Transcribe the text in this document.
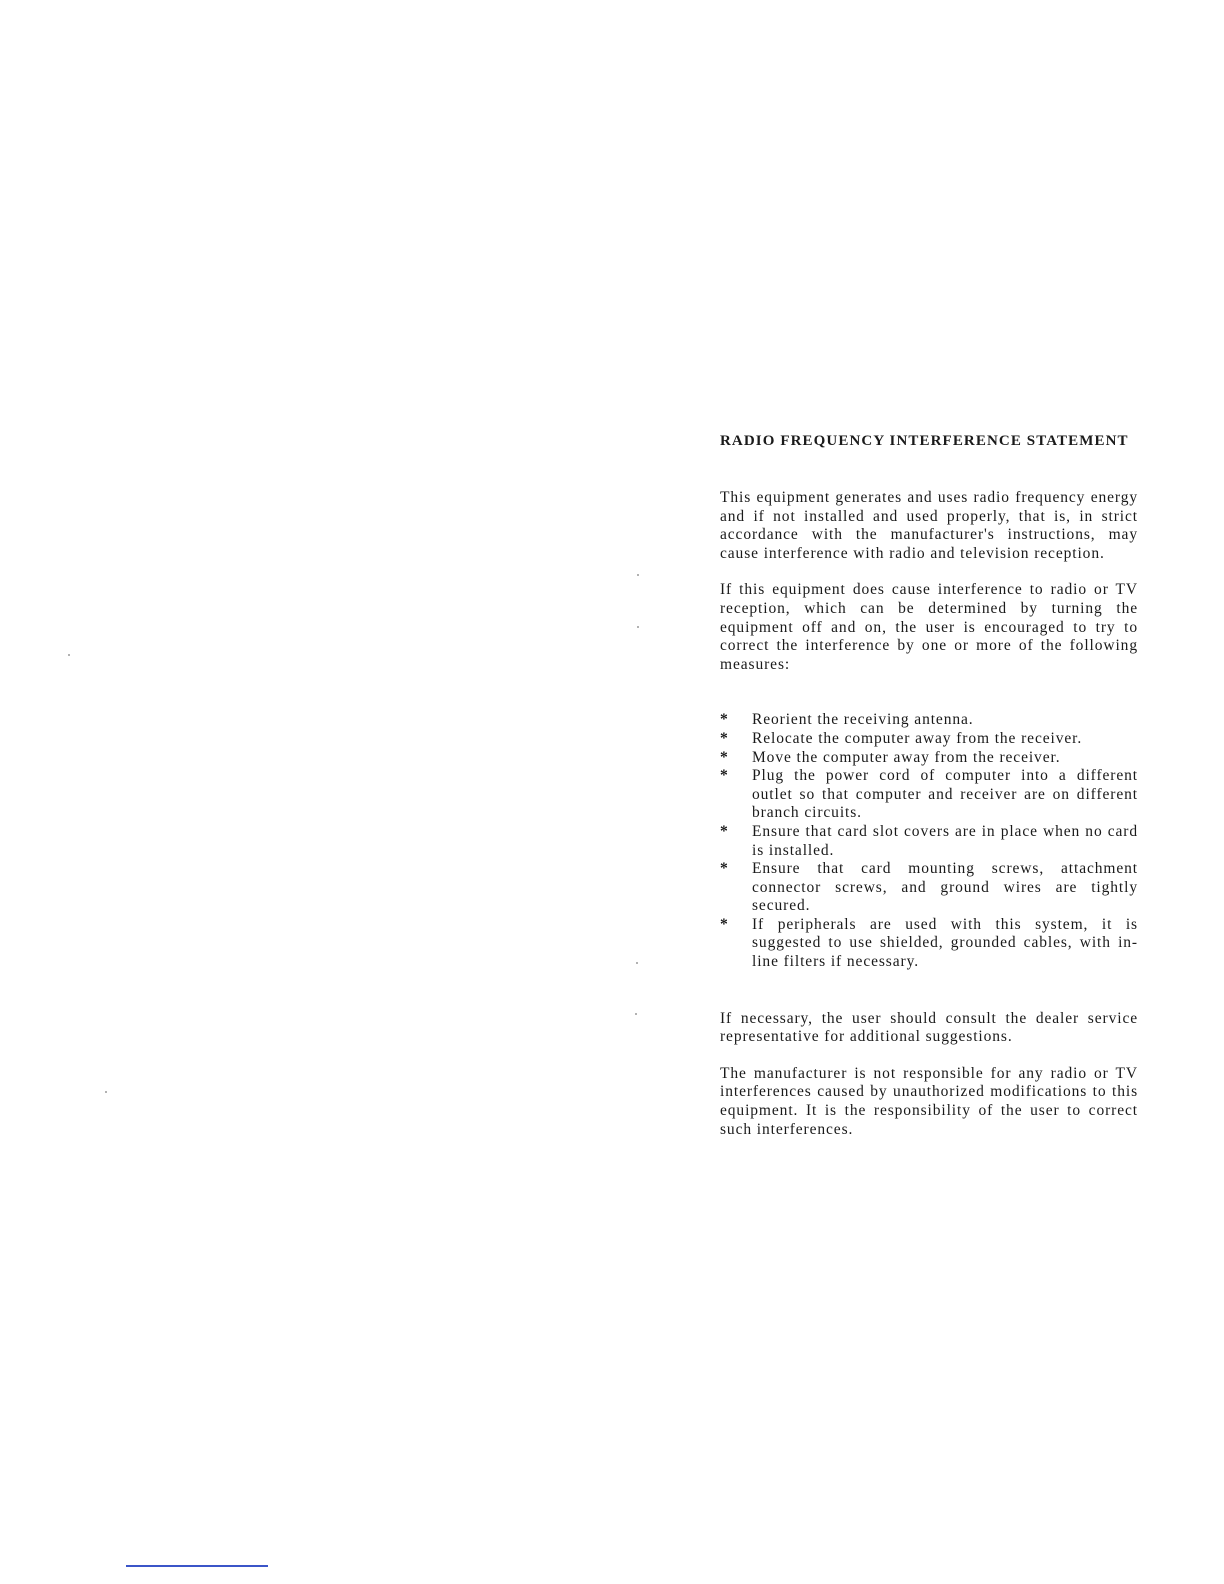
RADIO FREQUENCY INTERFERENCE STATEMENT

This equipment generates and uses radio frequency energy and if not installed and used properly, that is, in strict accordance with the manufacturer's instructions, may cause interference with radio and television reception.

If this equipment does cause interference to radio or TV reception, which can be determined by turning the equipment off and on, the user is encouraged to try to correct the interference by one or more of the following measures:

*	Reorient the receiving antenna.
*	Relocate the computer away from the receiver.
*	Move the computer away from the receiver.
*	Plug the power cord of computer into a different outlet so that computer and receiver are on different branch circuits.
*	Ensure that card slot covers are in place when no card is installed.
*	Ensure that card mounting screws, attachment connector screws, and ground wires are tightly secured.
*	If peripherals are used with this system, it is suggested to use shielded, grounded cables, with in-line filters if necessary.

If necessary, the user should consult the dealer service representative for additional suggestions.

The manufacturer is not responsible for any radio or TV interferences caused by unauthorized modifications to this equipment. It is the responsibility of the user to correct such interferences.
